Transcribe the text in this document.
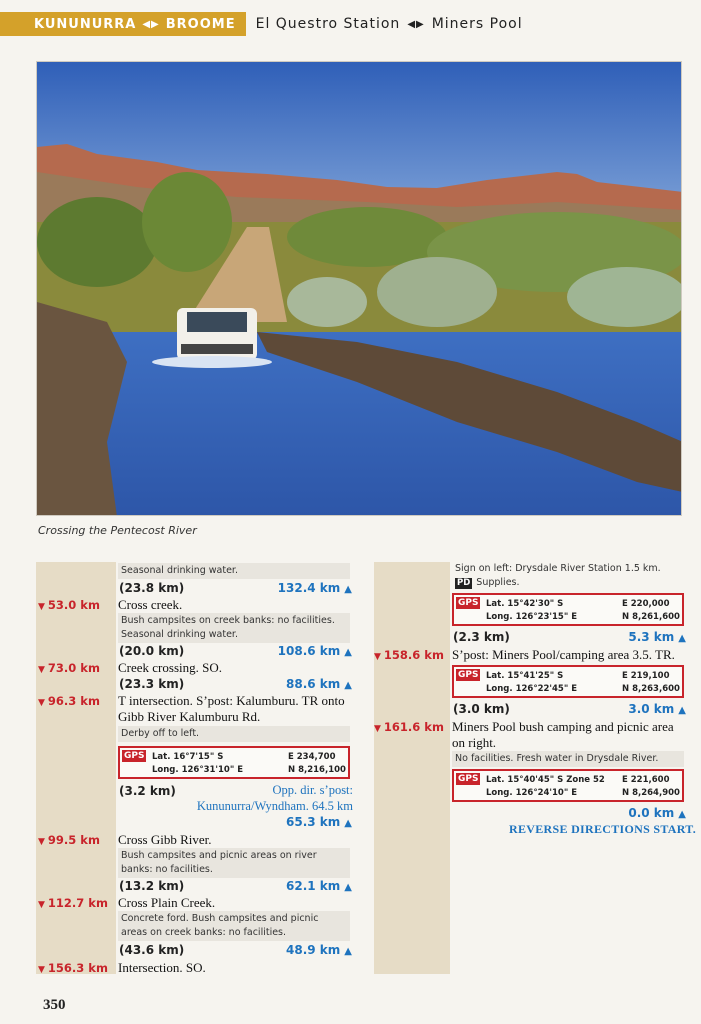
KUNUNURRA ◀▶ BROOME El Questro Station ◀▶ Miners Pool
Crossing the Pentecost River
Seasonal drinking water.
(23.8 km)	132.4 km ▲
▼ 53.0 km Cross creek.
Bush campsites on creek banks: no facilities.
Seasonal drinking water.
(20.0 km)	108.6 km ▲
▼ 73.0 km Creek crossing. SO.
(23.3 km)	88.6 km ▲
▼ 96.3 km T intersection. S’post: Kalumburu. TR onto
Gibb River Kalumburu Rd.
Derby off to left.
GPS Lat. 16°7'15" S
Long. 126°31'10" E
E 234,700
N 8,216,100
(3.2 km)	Opp. dir. s’post:
Kununurra/Wyndham. 64.5 km
65.3 km ▲
▼ 99.5 km Cross Gibb River.
Bush campsites and picnic areas on river
banks: no facilities.
(13.2 km)	62.1 km ▲
▼ 112.7 km Cross Plain Creek.
Concrete ford. Bush campsites and picnic
areas on creek banks: no facilities.
(43.6 km)	48.9 km ▲
▼ 156.3 km Intersection. SO.
Sign on left: Drysdale River Station 1.5 km.
PD Supplies.
GPS Lat. 15°42'30" S
Long. 126°23'15" E
E 220,000
N 8,261,600
(2.3 km)	5.3 km ▲
▼ 158.6 km S’post: Miners Pool/camping area 3.5. TR.
GPS Lat. 15°41'25" S
Long. 126°22'45" E
E 219,100
N 8,263,600
(3.0 km)	3.0 km ▲
▼ 161.6 km Miners Pool bush camping and picnic area
on right.
No facilities. Fresh water in Drysdale River.
GPS Lat. 15°40'45" S Zone 52
Long. 126°24'10" E
E 221,600
N 8,264,900
0.0 km ▲
REVERSE DIRECTIONS START.
350
